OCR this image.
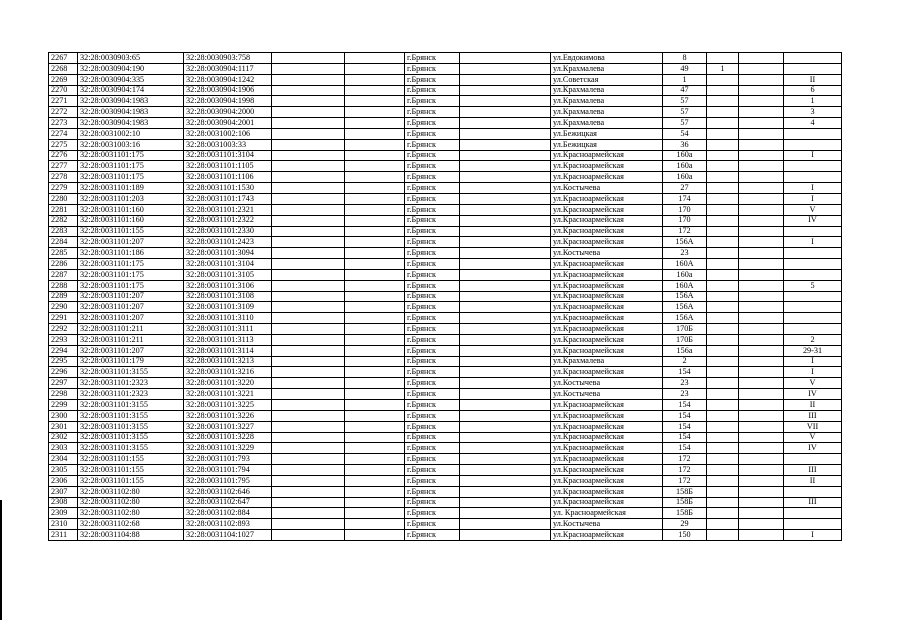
2267	32:28:0030903:65	32:28:0030903:758			г.Брянск		ул.Евдокимова	8			
2268	32:28:0030904:190	32:28:0030904:1117			г.Брянск		ул.Крахмалева	49	1		
2269	32:28:0030904:335	32:28:0030904:1242			г.Брянск		ул.Советская	1			II
2270	32:28:0030904:174	32:28:0030904:1906			г.Брянск		ул.Крахмалева	47			6
2271	32:28:0030904:1983	32:28:0030904:1998			г.Брянск		ул.Крахмалева	57			1
2272	32:28:0030904:1983	32:28:0030904:2000			г.Брянск		ул.Крахмалева	57			3
2273	32:28:0030904:1983	32:28:0030904:2001			г.Брянск		ул.Крахмалева	57			4
2274	32:28:0031002:10	32:28:0031002:106			г.Брянск		ул.Бежицкая	54			
2275	32:28:0031003:16	32:28:0031003:33			г.Брянск		ул.Бежицкая	36			
2276	32:28:0031101:175	32:28:0031101:3104			г.Брянск		ул.Красноармейская	160а			I
2277	32:28:0031101:175	32:28:0031101:1105			г.Брянск		ул.Красноармейская	160а			
2278	32:28:0031101:175	32:28:0031101:1106			г.Брянск		ул.Красноармейская	160а			
2279	32:28:0031101:189	32:28:0031101:1530			г.Брянск		ул.Костычева	27			I
2280	32:28:0031101:203	32:28:0031101:1743			г.Брянск		ул.Красноармейская	174			I
2281	32:28:0031101:160	32:28:0031101:2321			г.Брянск		ул.Красноармейская	170			V
2282	32:28:0031101:160	32:28:0031101:2322			г.Брянск		ул.Красноармейская	170			IV
2283	32:28:0031101:155	32:28:0031101:2330			г.Брянск		ул.Красноармейская	172			
2284	32:28:0031101:207	32:28:0031101:2423			г.Брянск		ул.Красноармейская	156А			I
2285	32:28:0031101:186	32:28:0031101:3094			г.Брянск		ул.Костычева	23			
2286	32:28:0031101:175	32:28:0031101:3104			г.Брянск		ул.Красноармейская	160А			
2287	32:28:0031101:175	32:28:0031101:3105			г.Брянск		ул.Красноармейская	160а			
2288	32:28:0031101:175	32:28:0031101:3106			г.Брянск		ул.Красноармейская	160А			5
2289	32:28:0031101:207	32:28:0031101:3108			г.Брянск		ул.Красноармейская	156А			
2290	32:28:0031101:207	32:28:0031101:3109			г.Брянск		ул.Красноармейская	156А			
2291	32:28:0031101:207	32:28:0031101:3110			г.Брянск		ул.Красноармейская	156А			
2292	32:28:0031101:211	32:28:0031101:3111			г.Брянск		ул.Красноармейская	170Б			
2293	32:28:0031101:211	32:28:0031101:3113			г.Брянск		ул.Красноармейская	170Б			2
2294	32:28:0031101:207	32:28:0031101:3114			г.Брянск		ул.Красноармейская	156а			29-31
2295	32:28:0031101:179	32:28:0031101:3213			г.Брянск		ул.Крахмалева	2			I
2296	32:28:0031101:3155	32:28:0031101:3216			г.Брянск		ул.Красноармейская	154			I
2297	32:28:0031101:2323	32:28:0031101:3220			г.Брянск		ул.Костычева	23			V
2298	32:28:0031101:2323	32:28:0031101:3221			г.Брянск		ул.Костычева	23			IV
2299	32:28:0031101:3155	32:28:0031101:3225			г.Брянск		ул.Красноармейская	154			II
2300	32:28:0031101:3155	32:28:0031101:3226			г.Брянск		ул.Красноармейская	154			III
2301	32:28:0031101:3155	32:28:0031101:3227			г.Брянск		ул.Красноармейская	154			VII
2302	32:28:0031101:3155	32:28:0031101:3228			г.Брянск		ул.Красноармейская	154			V
2303	32:28:0031101:3155	32:28:0031101:3229			г.Брянск		ул.Красноармейская	154			IV
2304	32:28:0031101:155	32:28:0031101:793			г.Брянск		ул.Красноармейская	172			
2305	32:28:0031101:155	32:28:0031101:794			г.Брянск		ул.Красноармейская	172			III
2306	32:28:0031101:155	32:28:0031101:795			г.Брянск		ул.Красноармейская	172			II
2307	32:28:0031102:80	32:28:0031102:646			г.Брянск		ул.Красноармейская	158Б			
2308	32:28:0031102:80	32:28:0031102:647			г.Брянск		ул.Красноармейская	158Б			III
2309	32:28:0031102:80	32:28:0031102:884			г.Брянск		ул. Красноармейская	158Б			
2310	32:28:0031102:68	32:28:0031102:893			г.Брянск		ул.Костычева	29			
2311	32:28:0031104:88	32:28:0031104:1027			г.Брянск		ул.Красноармейская	150			I
